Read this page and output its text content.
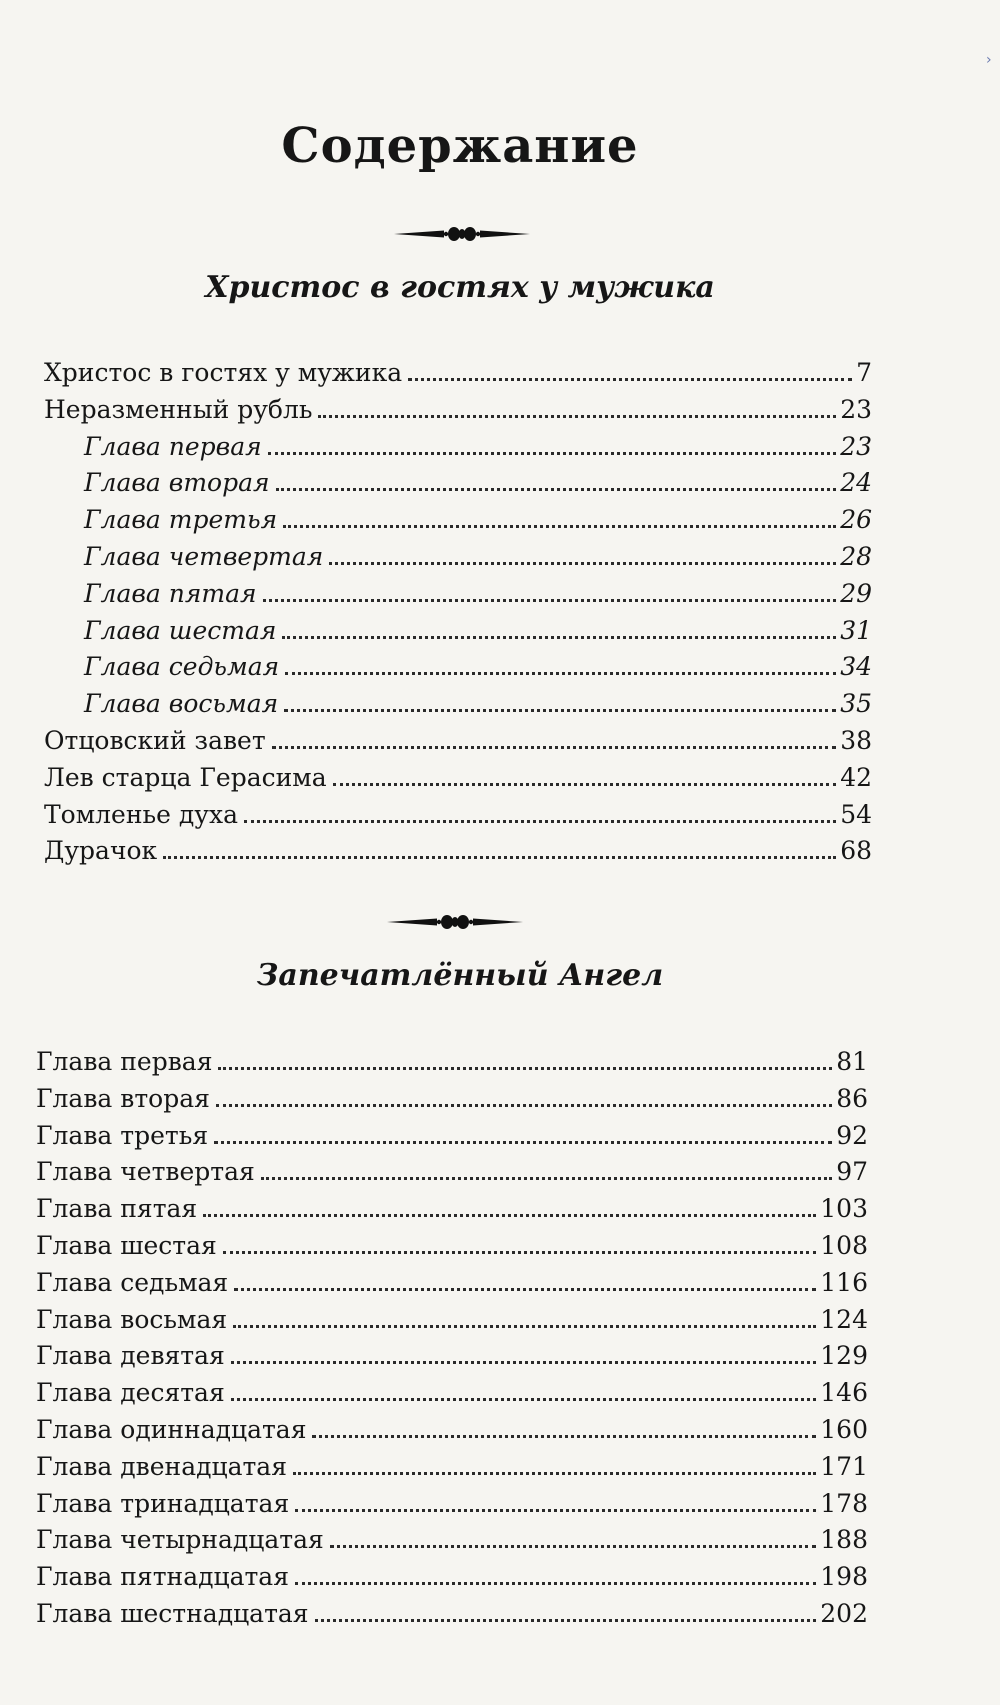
›
Содержание
Христос в гостях у мужика
Христос в гостях у мужика	7
Неразменный рубль	23
Глава первая	23
Глава вторая	24
Глава третья	26
Глава четвертая	28
Глава пятая	29
Глава шестая	31
Глава седьмая	34
Глава восьмая	35
Отцовский завет	38
Лев старца Герасима	42
Томленье духа	54
Дурачок	68
Запечатлённый Ангел
Глава первая	81
Глава вторая	86
Глава третья	92
Глава четвертая	97
Глава пятая	103
Глава шестая	108
Глава седьмая	116
Глава восьмая	124
Глава девятая	129
Глава десятая	146
Глава одиннадцатая	160
Глава двенадцатая	171
Глава тринадцатая	178
Глава четырнадцатая	188
Глава пятнадцатая	198
Глава шестнадцатая	202
